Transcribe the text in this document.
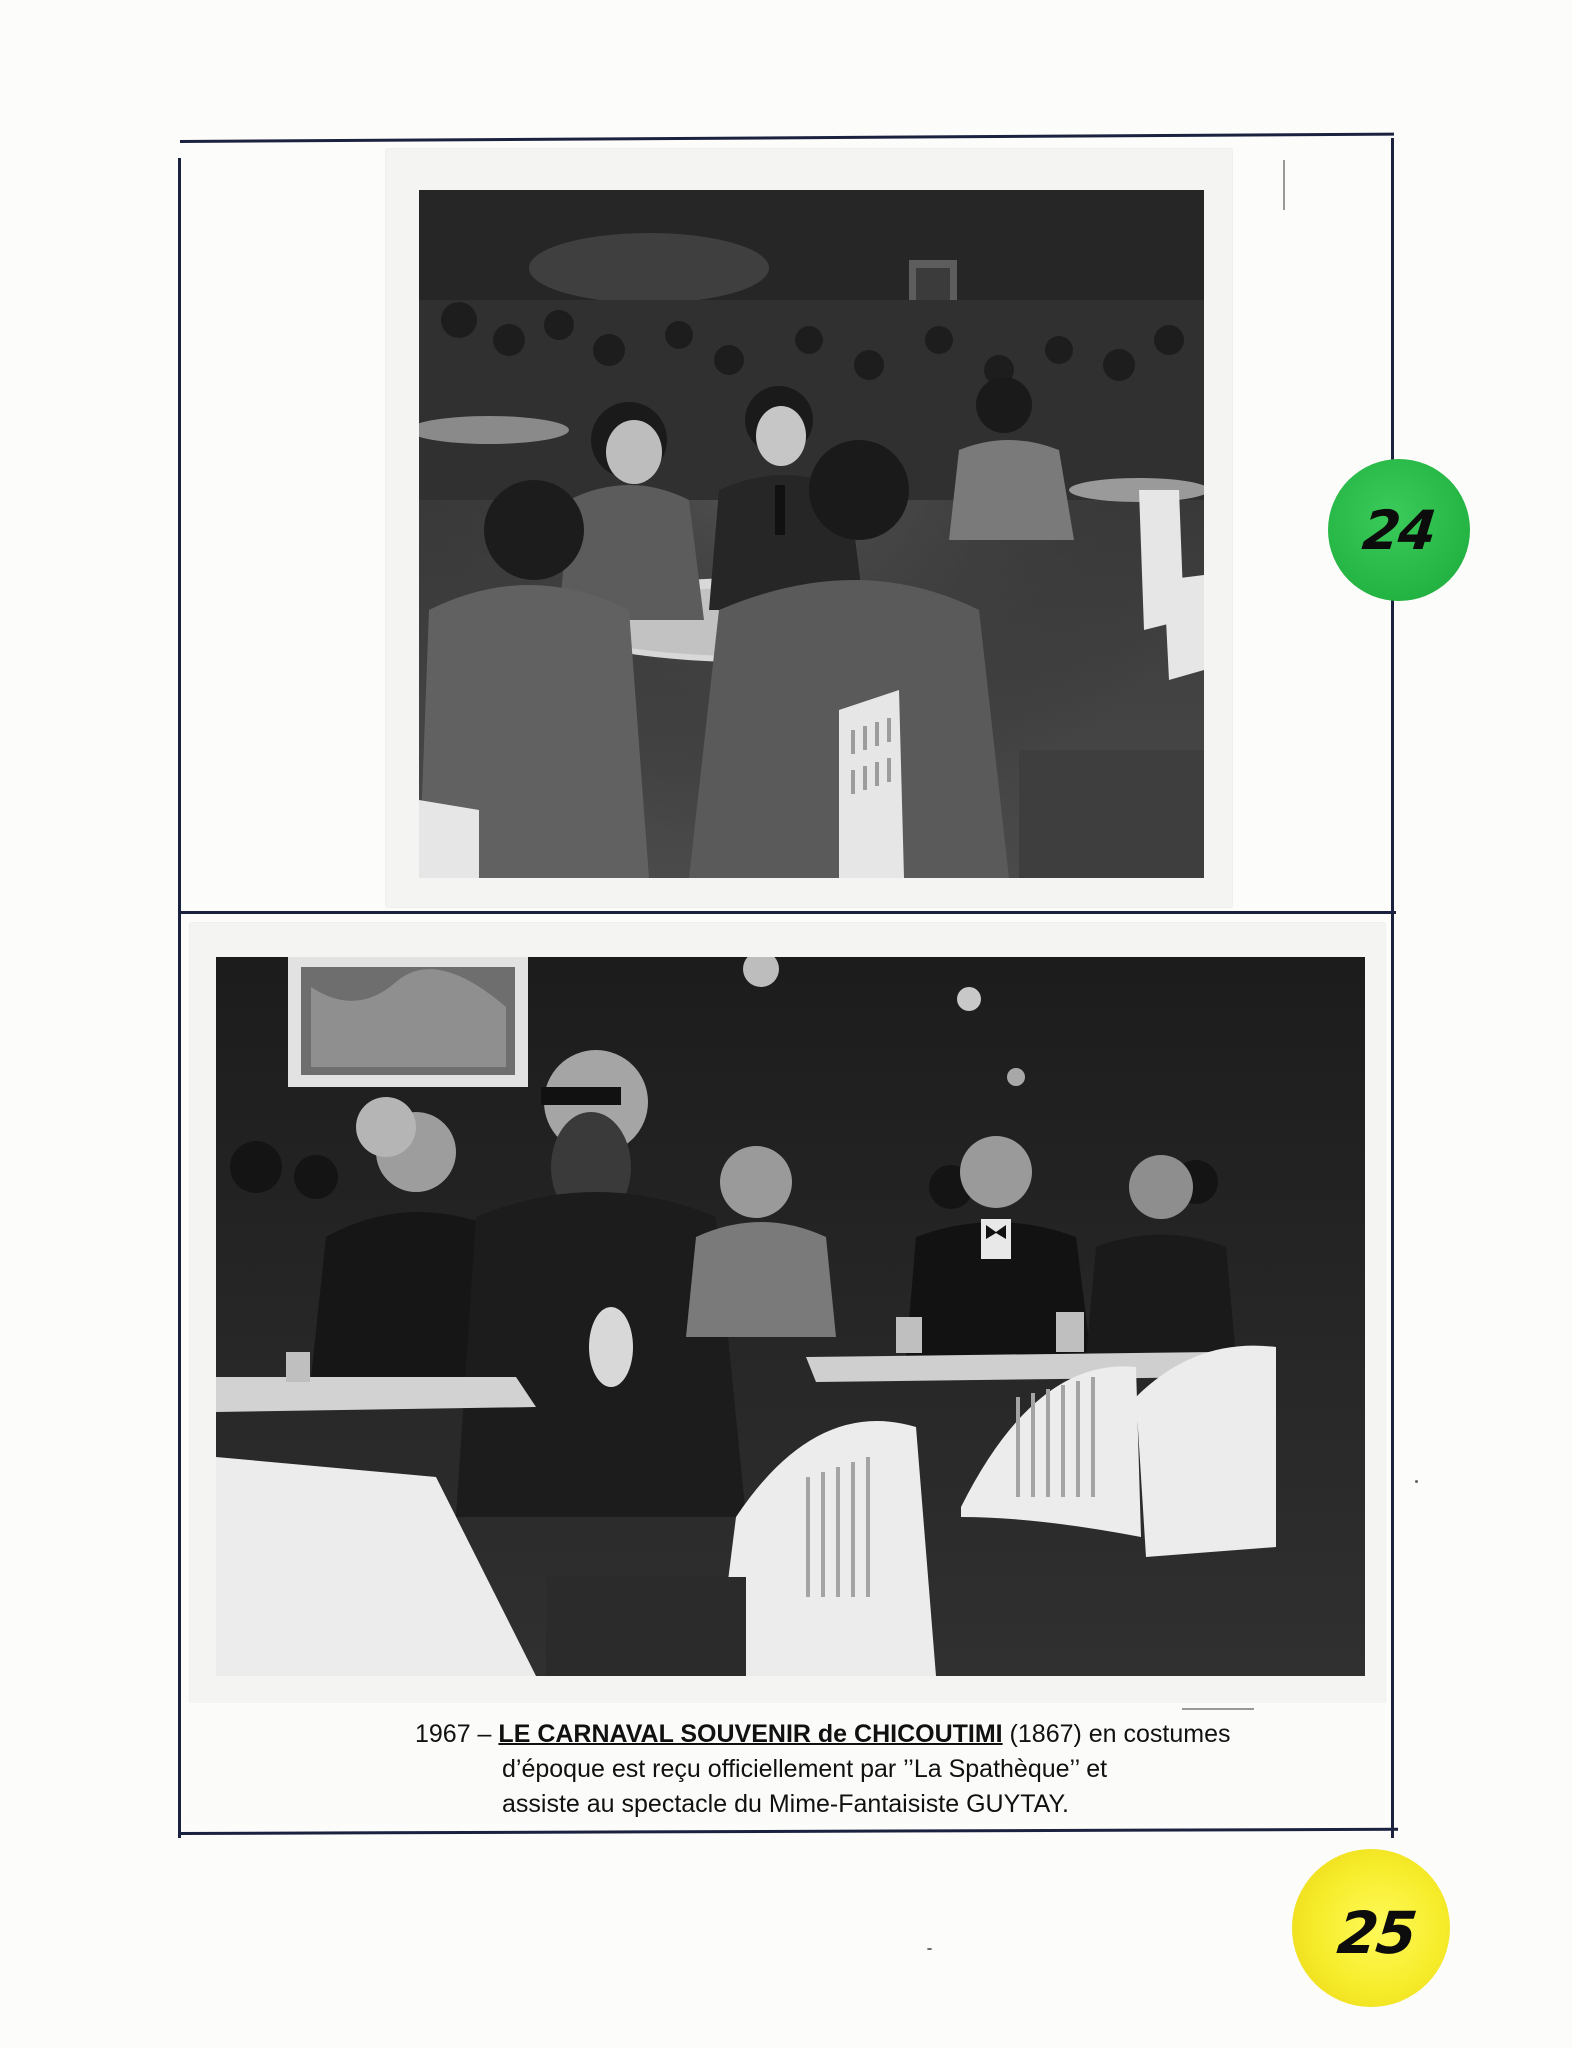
1967 – LE CARNAVAL SOUVENIR de CHICOUTIMI (1867) en costumes
d’époque est reçu officiellement par ’’La Spathèque’’ et
assiste au spectacle du Mime-Fantaisiste GUYTAY.
24
25
